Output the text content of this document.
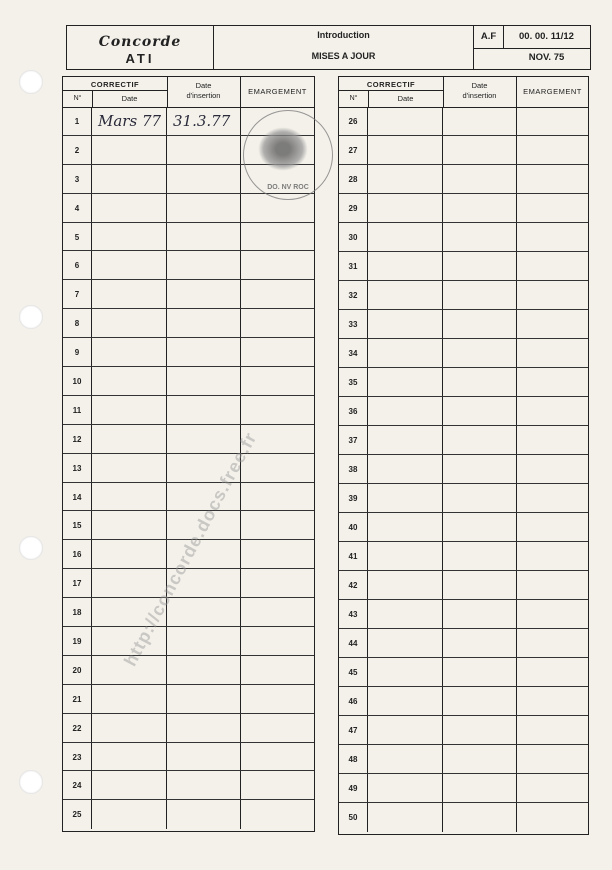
Concorde
ATI
Introduction
MISES A JOUR
A.F	00. 00. 11/12
NOV. 75
CORRECTIF
N°	Date
Date
d'insertion	EMARGEMENT
1	Mars 77 31.3.77
2
3
4
5
6
7
8
9
10
11
12
13
14
15
16
17
18
19
20
21
22
23
24
25
CORRECTIF
N°	Date
Date
d'insertion	EMARGEMENT
26
27
28
29
30
31
32
33
34
35
36
37
38
39
40
41
42
43
44
45
46
47
48
49
50
DO. NV ROC
http://concorde.docs.free.fr
